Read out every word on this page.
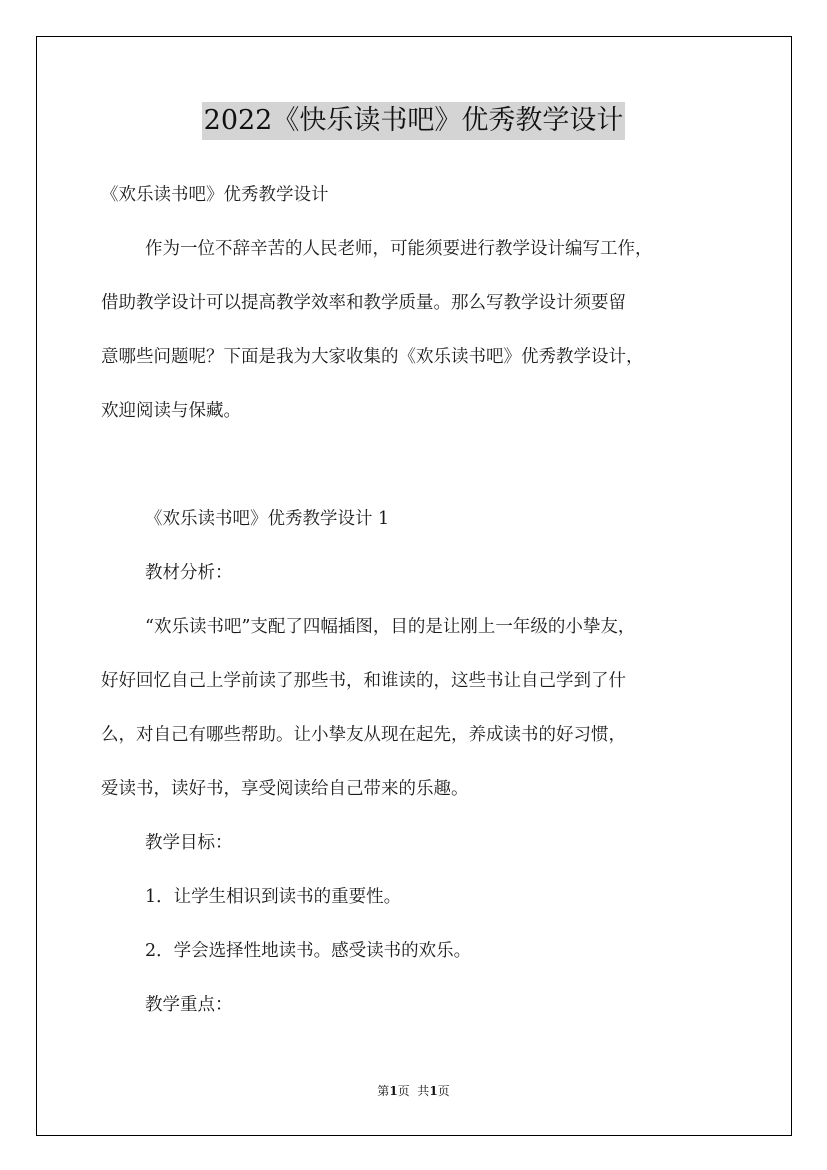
2022《快乐读书吧》优秀教学设计
《欢乐读书吧》优秀教学设计
作为一位不辞辛苦的人民老师，可能须要进行教学设计编写工作，
借助教学设计可以提高教学效率和教学质量。那么写教学设计须要留
意哪些问题呢？下面是我为大家收集的《欢乐读书吧》优秀教学设计，
欢迎阅读与保藏。
《欢乐读书吧》优秀教学设计 1
教材分析：
“欢乐读书吧”支配了四幅插图，目的是让刚上一年级的小挚友，
好好回忆自己上学前读了那些书，和谁读的，这些书让自己学到了什
么，对自己有哪些帮助。让小挚友从现在起先，养成读书的好习惯，
爱读书，读好书，享受阅读给自己带来的乐趣。
教学目标：
1．让学生相识到读书的重要性。
2．学会选择性地读书。感受读书的欢乐。
教学重点：
第1页  共1页
